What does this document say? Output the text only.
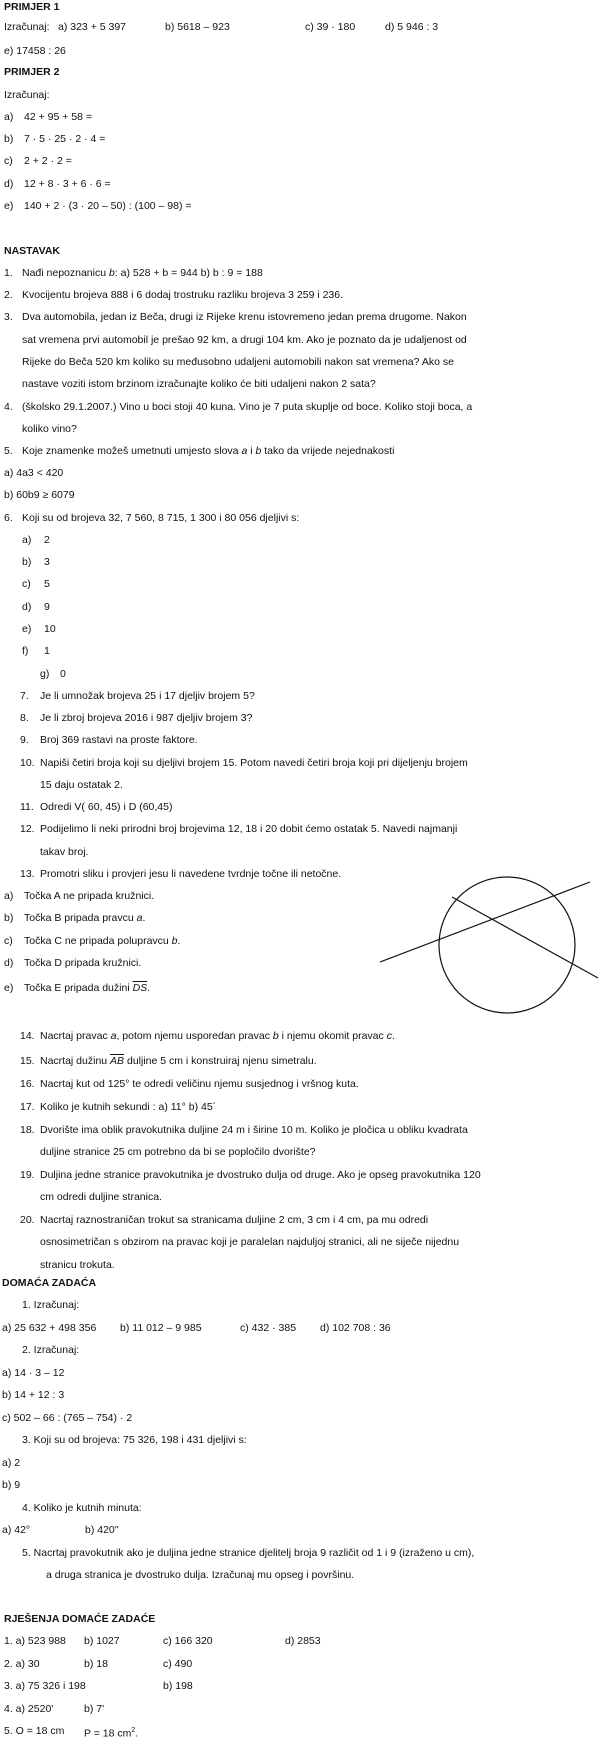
PRIMJER 1
Izračunaj: a) 323 + 5 397	b) 5618 – 923	c) 39 · 180	d) 5 946 : 3
e) 17458 : 26
PRIMJER 2
Izračunaj:
a) 42 + 95 + 58 =
b) 7 · 5 · 25 · 2 · 4 =
c) 2 + 2 · 2 =
d) 12 + 8 · 3 + 6 · 6 =
e) 140 + 2 · (3 · 20 – 50) : (100 – 98) =
NASTAVAK
1. Nađi nepoznanicu b: a) 528 + b = 944 b) b : 9 = 188
2. Kvocijentu brojeva 888 i 6 dodaj trostruku razliku brojeva 3 259 i 236.
3. Dva automobila, jedan iz Beča, drugi iz Rijeke krenu istovremeno jedan prema drugome. Nakon
sat vremena prvi automobil je prešao 92 km, a drugi 104 km. Ako je poznato da je udaljenost od
Rijeke do Beča 520 km koliko su međusobno udaljeni automobili nakon sat vremena? Ako se
nastave voziti istom brzinom izračunajte koliko će biti udaljeni nakon 2 sata?
4. (školsko 29.1.2007.) Vino u boci stoji 40 kuna. Vino je 7 puta skuplje od boce. Koliko stoji boca, a
koliko vino?
5. Koje znamenke možeš umetnuti umjesto slova a i b tako da vrijede nejednakosti
a) 4a3 < 420
b) 60b9 ≥ 6079
6. Koji su od brojeva 32, 7 560, 8 715, 1 300 i 80 056 djeljivi s:
a) 2
b) 3
c) 5
d) 9
e) 10
f) 1
g) 0
7. Je li umnožak brojeva 25 i 17 djeljiv brojem 5?
8. Je li zbroj brojeva 2016 i 987 djeljiv brojem 3?
9. Broj 369 rastavi na proste faktore.
10. Napiši četiri broja koji su djeljivi brojem 15. Potom navedi četiri broja koji pri dijeljenju brojem
15 daju ostatak 2.
11. Odredi V( 60, 45) i D (60,45)
12. Podijelimo li neki prirodni broj brojevima 12, 18 i 20 dobit ćemo ostatak 5. Navedi najmanji
takav broj.
13. Promotri sliku i provjeri jesu li navedene tvrdnje točne ili netočne.
a) Točka A ne pripada kružnici.
b) Točka B pripada pravcu a.
c) Točka C ne pripada polupravcu b.
d) Točka D pripada kružnici.
e) Točka E pripada dužini $\overline{DS}$.
14. Nacrtaj pravac a, potom njemu usporedan pravac b i njemu okomit pravac c.
15. Nacrtaj dužinu $\overline{AB}$ duljine 5 cm i konstruiraj njenu simetralu.
16. Nacrtaj kut od 125° te odredi veličinu njemu susjednog i vršnog kuta.
17. Koliko je kutnih sekundi : a) 11° b) 45´
18. Dvorište ima oblik pravokutnika duljine 24 m i širine 10 m. Koliko je pločica u obliku kvadrata
duljine stranice 25 cm potrebno da bi se popločilo dvorište?
19. Duljina jedne stranice pravokutnika je dvostruko dulja od druge. Ako je opseg pravokutnika 120
cm odredi duljine stranica.
20. Nacrtaj raznostraničan trokut sa stranicama duljine 2 cm, 3 cm i 4 cm, pa mu odredi
osnosimetričan s obzirom na pravac koji je paralelan najduljoj stranici, ali ne siječe nijednu
stranicu trokuta.
DOMAĆA ZADAĆA
1. Izračunaj:
a) 25 632 + 498 356 b) 11 012 – 9 985	c) 432 · 385 d) 102 708 : 36
2. Izračunaj:
a) 14 · 3 – 12
b) 14 + 12 : 3
c) 502 – 66 : (765 – 754) · 2
3. Koji su od brojeva: 75 326, 198 i 431 djeljivi s:
a) 2
b) 9
4. Koliko je kutnih minuta:
a) 42°	b) 420''
5. Nacrtaj pravokutnik ako je duljina jedne stranice djelitelj broja 9 različit od 1 i 9 (izraženo u cm),
a druga stranica je dvostruko dulja. Izračunaj mu opseg i površinu.
RJEŠENJA DOMAĆE ZADAĆE
1. a) 523 988 b) 1027	c) 166 320	d) 2853
2. a) 30	b) 18	c) 490
3. a) 75 326 i 198	b) 198
4. a) 2520'	b) 7'
5. O = 18 cm P = 18 $cm^2$.
